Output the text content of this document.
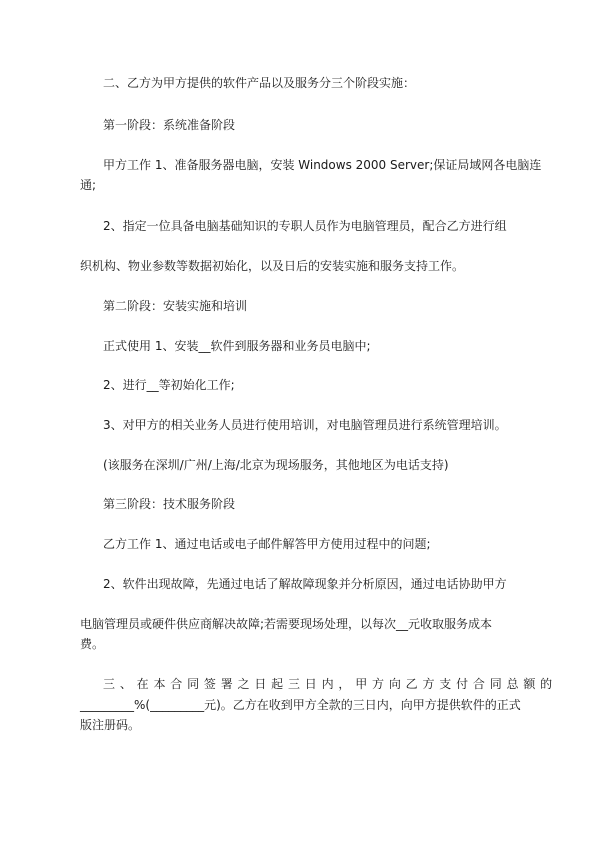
二、乙方为甲方提供的软件产品以及服务分三个阶段实施：
第一阶段：系统准备阶段
甲方工作 1、准备服务器电脑，安装 Windows 2000 Server;保证局域网各电脑连
通;
2、指定一位具备电脑基础知识的专职人员作为电脑管理员，配合乙方进行组
织机构、物业参数等数据初始化，以及日后的安装实施和服务支持工作。
第二阶段：安装实施和培训
正式使用 1、安装__软件到服务器和业务员电脑中;
2、进行__等初始化工作;
3、对甲方的相关业务人员进行使用培训，对电脑管理员进行系统管理培训。
(该服务在深圳/广州/上海/北京为现场服务，其他地区为电话支持)
第三阶段：技术服务阶段
乙方工作 1、通过电话或电子邮件解答甲方使用过程中的问题;
2、软件出现故障，先通过电话了解故障现象并分析原因，通过电话协助甲方
电脑管理员或硬件供应商解决故障;若需要现场处理，以每次__元收取服务成本
费。
三 、 在 本 合 同 签 署 之 日 起 三 日 内 ， 甲 方 向 乙 方 支 付 合 同 总 额 的
_________%(_________元)。乙方在收到甲方全款的三日内，向甲方提供软件的正式
版注册码。
